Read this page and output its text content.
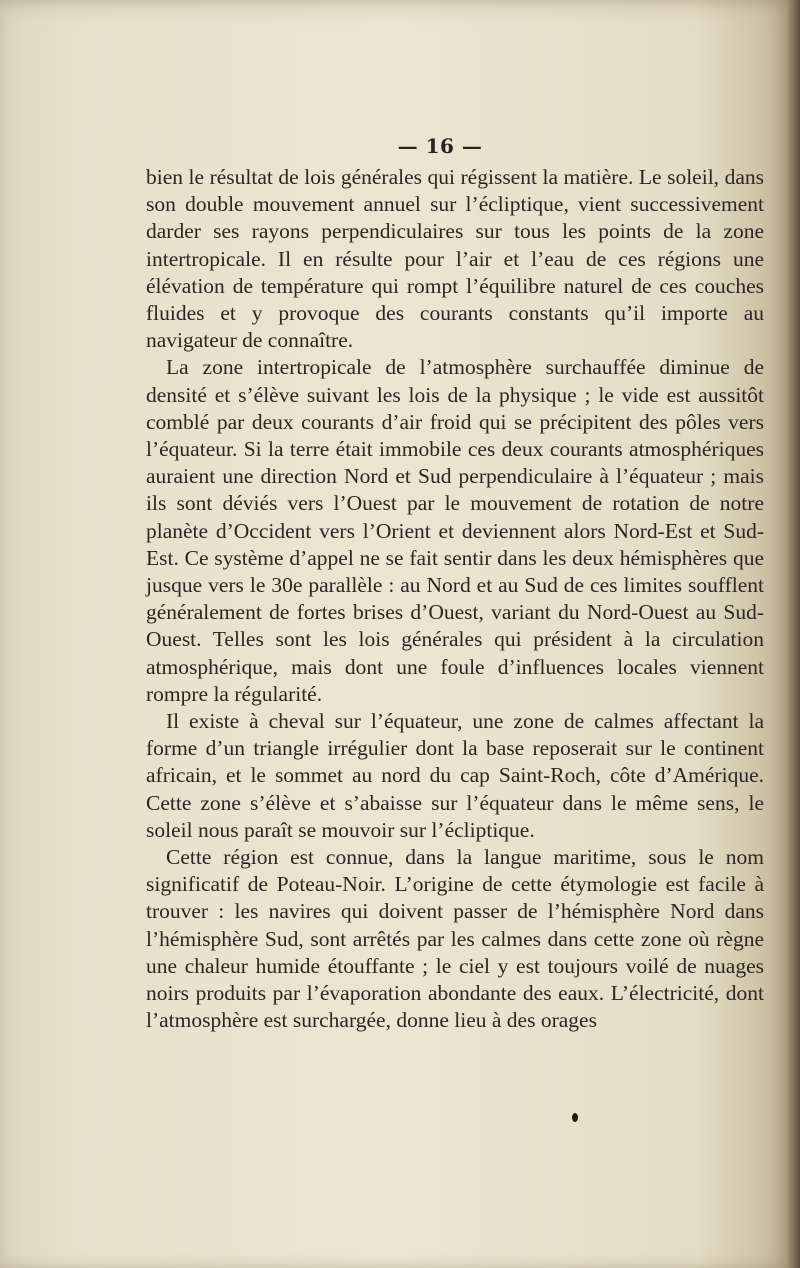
— 16 —

bien le résultat de lois générales qui régissent la matière. Le soleil, dans son double mouvement annuel sur l’écliptique, vient successivement darder ses rayons perpendiculaires sur tous les points de la zone intertropicale. Il en résulte pour l’air et l’eau de ces régions une élévation de température qui rompt l’équilibre naturel de ces couches fluides et y provoque des courants constants qu’il importe au navigateur de connaître.

La zone intertropicale de l’atmosphère surchauffée diminue de densité et s’élève suivant les lois de la physique ; le vide est aussitôt comblé par deux courants d’air froid qui se précipitent des pôles vers l’équateur. Si la terre était immobile ces deux courants atmosphériques auraient une direction Nord et Sud perpendiculaire à l’équateur ; mais ils sont déviés vers l’Ouest par le mouvement de rotation de notre planète d’Occident vers l’Orient et deviennent alors Nord-Est et Sud-Est. Ce système d’appel ne se fait sentir dans les deux hémisphères que jusque vers le 30e parallèle : au Nord et au Sud de ces limites soufflent généralement de fortes brises d’Ouest, variant du Nord-Ouest au Sud-Ouest. Telles sont les lois générales qui président à la circulation atmosphérique, mais dont une foule d’influences locales viennent rompre la régularité.

Il existe à cheval sur l’équateur, une zone de calmes affectant la forme d’un triangle irrégulier dont la base reposerait sur le continent africain, et le sommet au nord du cap Saint-Roch, côte d’Amérique. Cette zone s’élève et s’abaisse sur l’équateur dans le même sens, le soleil nous paraît se mouvoir sur l’écliptique.

Cette région est connue, dans la langue maritime, sous le nom significatif de Poteau-Noir. L’origine de cette étymologie est facile à trouver : les navires qui doivent passer de l’hémisphère Nord dans l’hémisphère Sud, sont arrêtés par les calmes dans cette zone où règne une chaleur humide étouffante ; le ciel y est toujours voilé de nuages noirs produits par l’évaporation abondante des eaux. L’électricité, dont l’atmosphère est surchargée, donne lieu à des orages
